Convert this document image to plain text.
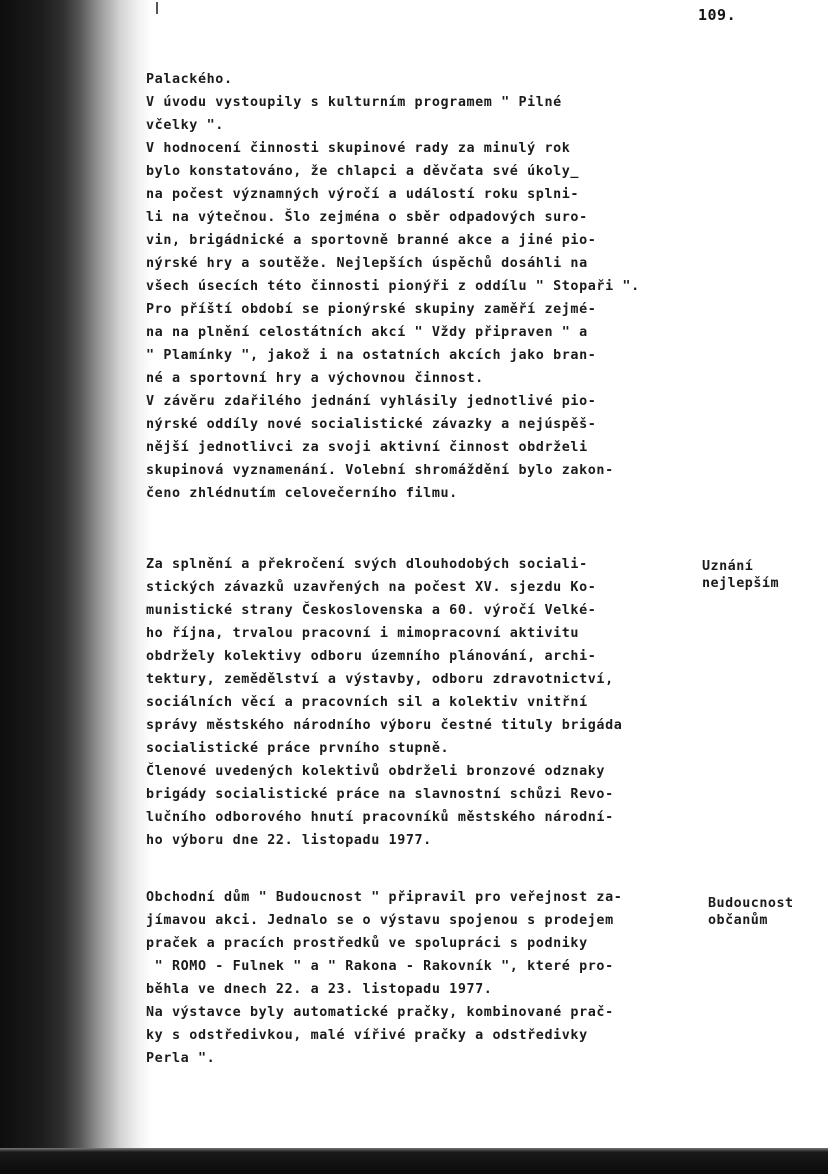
109.
Palackého.
V úvodu vystoupily s kulturním programem " Pilné
včelky ".
V hodnocení činnosti skupinové rady za minulý rok
bylo konstatováno, že chlapci a děvčata své úkoly_
na počest významných výročí a událostí roku splni-
li na výtečnou. Šlo zejména o sběr odpadových suro-
vin, brigádnické a sportovně branné akce a jiné pio-
nýrské hry a soutěže. Nejlepších úspěchů dosáhli na
všech úsecích této činnosti pionýři z oddílu " Stopaři ".
Pro příští období se pionýrské skupiny zaměří zejmé-
na na plnění celostátních akcí " Vždy připraven " a
" Plamínky ", jakož i na ostatních akcích jako bran-
né a sportovní hry a výchovnou činnost.
V závěru zdařilého jednání vyhlásily jednotlivé pio-
nýrské oddíly nové socialistické závazky a nejúspěš-
nější jednotlivci za svoji aktivní činnost obdrželi
skupinová vyznamenání. Volební shromáždění bylo zakon-
čeno zhlédnutím celovečerního filmu.
Za splnění a překročení svých dlouhodobých sociali-
stických závazků uzavřených na počest XV. sjezdu Ko-
munistické strany Československa a 60. výročí Velké-
ho října, trvalou pracovní i mimopracovní aktivitu
obdržely kolektivy odboru územního plánování, archi-
tektury, zemědělství a výstavby, odboru zdravotnictví,
sociálních věcí a pracovních sil a kolektiv vnitřní
správy městského národního výboru čestné tituly brigáda
socialistické práce prvního stupně.
Členové uvedených kolektivů obdrželi bronzové odznaky
brigády socialistické práce na slavnostní schůzi Revo-
lučního odborového hnutí pracovníků městského národní-
ho výboru dne 22. listopadu 1977.
Uznání
nejlepším
Obchodní dům " Budoucnost " připravil pro veřejnost za-
jímavou akci. Jednalo se o výstavu spojenou s prodejem
praček a pracích prostředků ve spolupráci s podniky
" ROMO - Fulnek " a " Rakona - Rakovník ", které pro-
běhla ve dnech 22. a 23. listopadu 1977.
Na výstavce byly automatické pračky, kombinované prač-
ky s odstředivkou, malé vířivé pračky a odstředivky
Perla ".
Budoucnost
občanům
